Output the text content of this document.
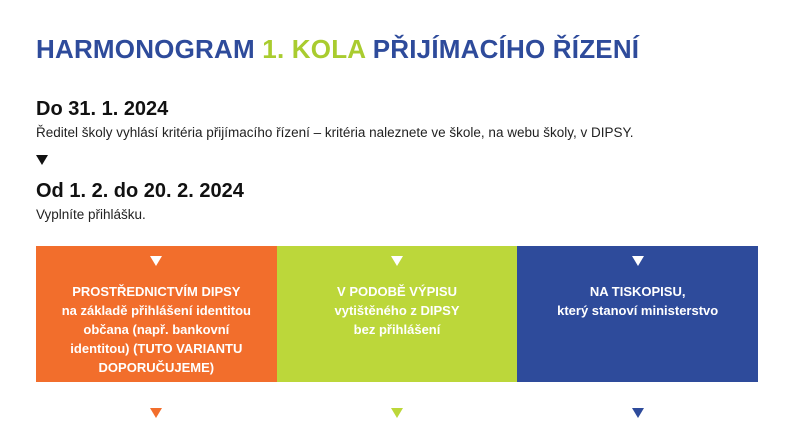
HARMONOGRAM 1. KOLA PŘIJÍMACÍHO ŘÍZENÍ
Do 31. 1. 2024
Ředitel školy vyhlásí kritéria přijímacího řízení – kritéria naleznete ve škole, na webu školy, v DIPSY.
Od 1. 2. do 20. 2. 2024
Vyplníte přihlášku.
PROSTŘEDNICTVÍM DIPSY
na základě přihlášení identitou
občana (např. bankovní
identitou) (TUTO VARIANTU
DOPORUČUJEME)
V PODOBĚ VÝPISU
vytištěného z DIPSY
bez přihlášení
NA TISKOPISU,
který stanoví ministerstvo
